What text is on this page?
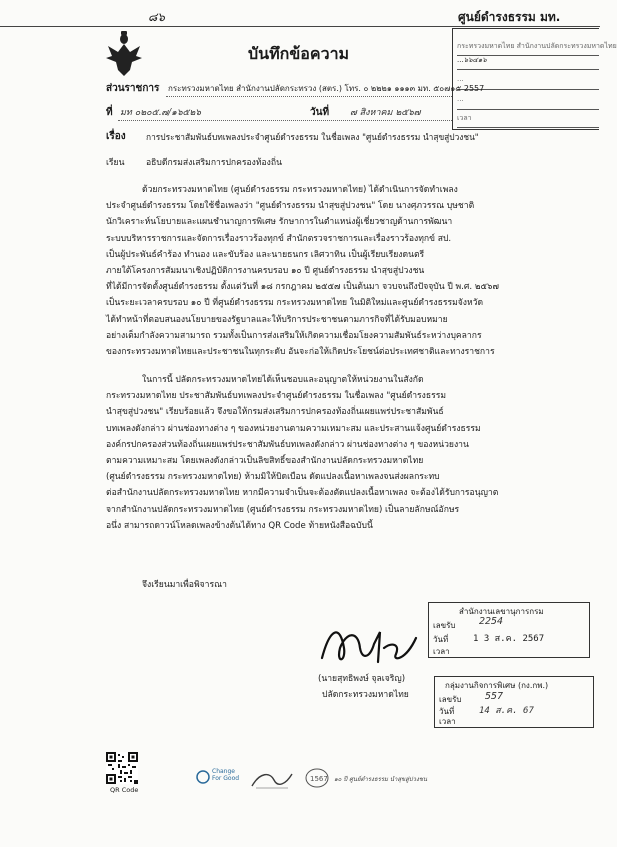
๘๖	ศูนย์ดำรงธรรม มท.
บันทึกข้อความ	กระทรวงมหาดไทย สำนักงานปลัดกระทรวงมหาดไทย
...๖๖๔๑๖
...
...
เวลา
ส่วนราชการ กระทรวงมหาดไทย สำนักงานปลัดกระทรวง (สตร.) โทร. ๐ ๒๒๒๑ ๑๑๑๓ มท. ๕๐๗๑๕ 2557
ที่ มท ๐๒๐๕.๗/๑๖๕๒๖	วันที่ ๗ สิงหาคม ๒๕๖๗
เรื่อง การประชาสัมพันธ์บทเพลงประจำศูนย์ดำรงธรรม ในชื่อเพลง "ศูนย์ดำรงธรรม นำสุขสู่ปวงชน"
เรียน	อธิบดีกรมส่งเสริมการปกครองท้องถิ่น
ด้วยกระทรวงมหาดไทย (ศูนย์ดำรงธรรม กระทรวงมหาดไทย) ได้ดำเนินการจัดทำเพลง
ประจำศูนย์ดำรงธรรม โดยใช้ชื่อเพลงว่า "ศูนย์ดำรงธรรม นำสุขสู่ปวงชน" โดย นางศุภวรรณ บุษชาติ
นักวิเคราะห์นโยบายและแผนชำนาญการพิเศษ รักษาการในตำแหน่งผู้เชี่ยวชาญด้านการพัฒนา
ระบบบริหารราชการและจัดการเรื่องราวร้องทุกข์ สำนักตรวจราชการและเรื่องราวร้องทุกข์ สป.
เป็นผู้ประพันธ์คำร้อง ทำนอง และขับร้อง และนายธนกร เลิศวาทิน เป็นผู้เรียบเรียงดนตรี
ภายใต้โครงการสัมมนาเชิงปฏิบัติการงานครบรอบ ๑๐ ปี ศูนย์ดำรงธรรม นำสุขสู่ปวงชน
ที่ได้มีการจัดตั้งศูนย์ดำรงธรรม ตั้งแต่วันที่ ๑๘ กรกฎาคม ๒๕๕๗ เป็นต้นมา จวบจนถึงปัจจุบัน ปี พ.ศ. ๒๕๖๗
เป็นระยะเวลาครบรอบ ๑๐ ปี ที่ศูนย์ดำรงธรรม กระทรวงมหาดไทย ในมิติใหม่และศูนย์ดำรงธรรมจังหวัด
ได้ทำหน้าที่ตอบสนองนโยบายของรัฐบาลและให้บริการประชาชนตามภารกิจที่ได้รับมอบหมาย
อย่างเต็มกำลังความสามารถ รวมทั้งเป็นการส่งเสริมให้เกิดความเชื่อมโยงความสัมพันธ์ระหว่างบุคลากร
ของกระทรวงมหาดไทยและประชาชนในทุกระดับ อันจะก่อให้เกิดประโยชน์ต่อประเทศชาติและทางราชการ
ในการนี้ ปลัดกระทรวงมหาดไทยได้เห็นชอบและอนุญาตให้หน่วยงานในสังกัด
กระทรวงมหาดไทย ประชาสัมพันธ์บทเพลงประจำศูนย์ดำรงธรรม ในชื่อเพลง "ศูนย์ดำรงธรรม
นำสุขสู่ปวงชน" เรียบร้อยแล้ว จึงขอให้กรมส่งเสริมการปกครองท้องถิ่นเผยแพร่ประชาสัมพันธ์
บทเพลงดังกล่าว ผ่านช่องทางต่าง ๆ ของหน่วยงานตามความเหมาะสม และประสานแจ้งศูนย์ดำรงธรรม
องค์กรปกครองส่วนท้องถิ่นเผยแพร่ประชาสัมพันธ์บทเพลงดังกล่าว ผ่านช่องทางต่าง ๆ ของหน่วยงาน
ตามความเหมาะสม โดยเพลงดังกล่าวเป็นลิขสิทธิ์ของสำนักงานปลัดกระทรวงมหาดไทย
(ศูนย์ดำรงธรรม กระทรวงมหาดไทย) ห้ามมิให้บิดเบือน ดัดแปลงเนื้อหาเพลงจนส่งผลกระทบ
ต่อสำนักงานปลัดกระทรวงมหาดไทย หากมีความจำเป็นจะต้องตัดแปลงเนื้อหาเพลง จะต้องได้รับการอนุญาต
จากสำนักงานปลัดกระทรวงมหาดไทย (ศูนย์ดำรงธรรม กระทรวงมหาดไทย) เป็นลายลักษณ์อักษร
อนึ่ง สามารถดาวน์โหลดเพลงข้างต้นได้ทาง QR Code ท้ายหนังสือฉบับนี้
จึงเรียนมาเพื่อพิจารณา
(นายสุทธิพงษ์ จุลเจริญ)
ปลัดกระทรวงมหาดไทย
สำนักงานเลขานุการกรม
เลขรับ 2254
วันที่	1 3 ส.ค. 2567
เวลา
กลุ่มงานกิจการพิเศษ (กง.กพ.)
เลขรับ 557
วันที่	14 ส.ค. 67
เวลา
QR Code
Change For Good	1567 ๑๐ ปี ศูนย์ดำรงธรรม นำสุขสู่ปวงชน
